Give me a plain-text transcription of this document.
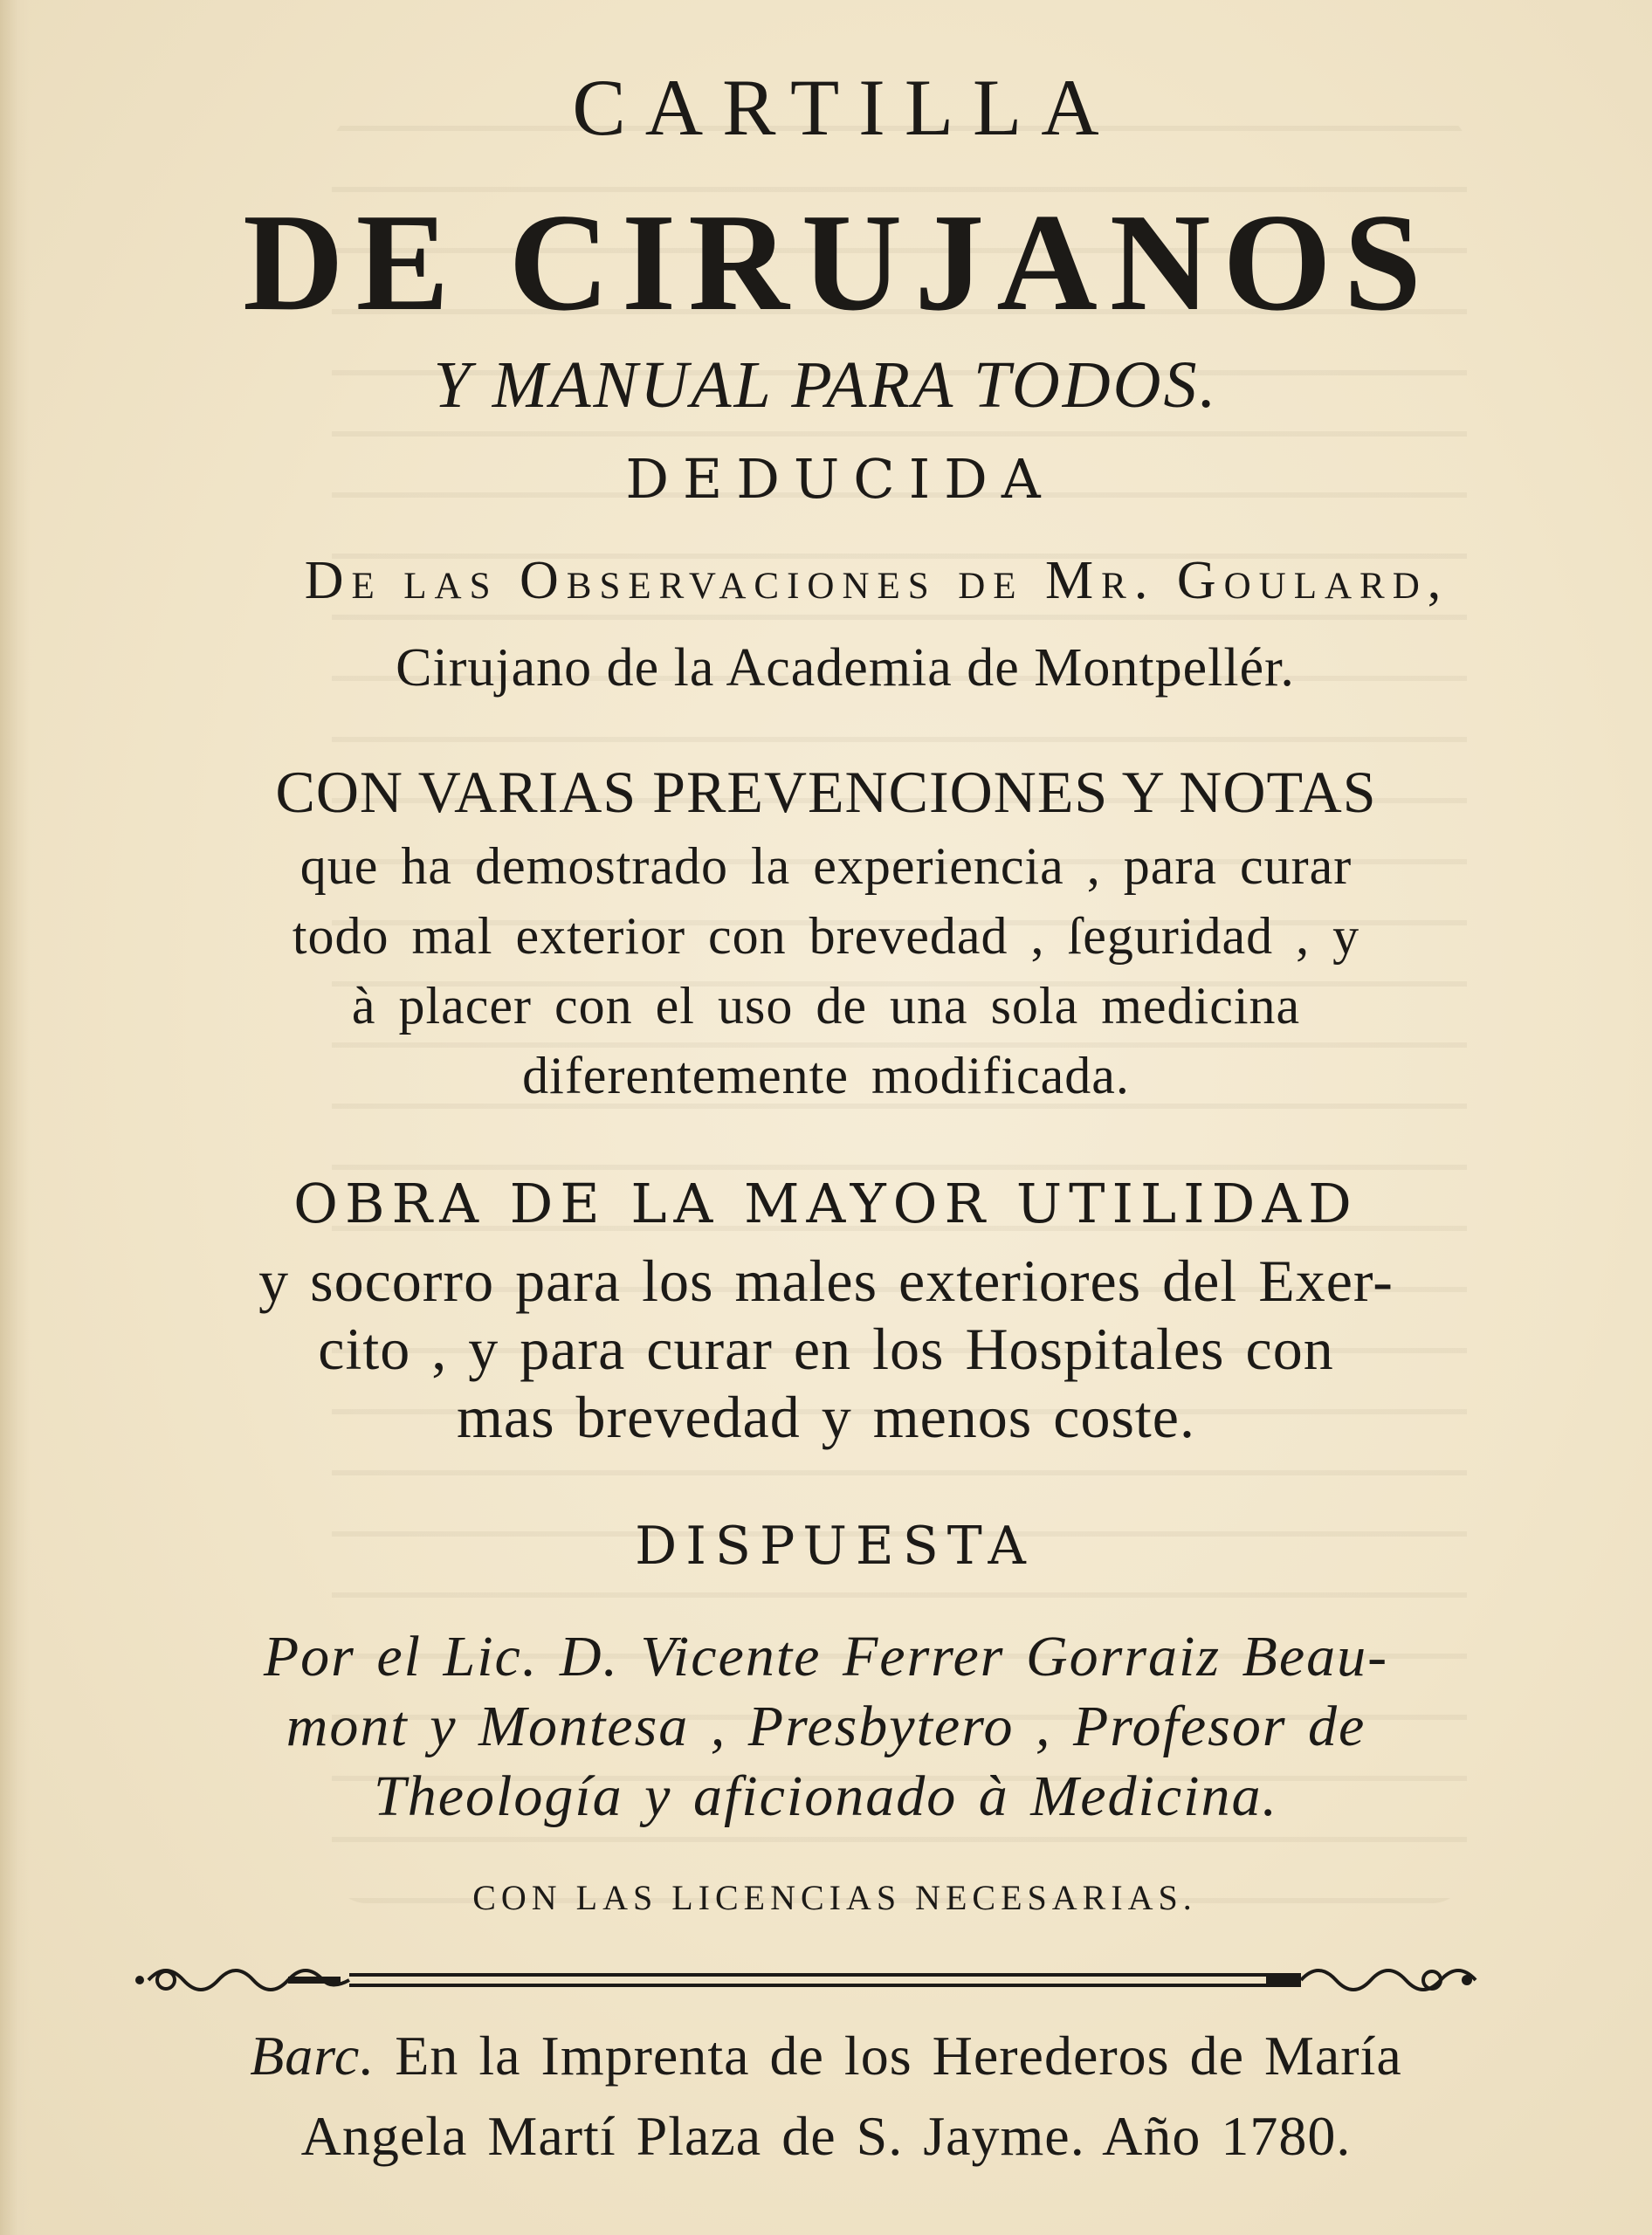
CARTILLA

DE CIRUJANOS

Y MANUAL PARA TODOS.

DEDUCIDA

De las Observaciones de Mr. Goulard,

Cirujano de la Academia de Montpellér.

CON VARIAS PREVENCIONES Y NOTAS

que ha demostrado la experiencia , para curar

todo mal exterior con brevedad , ſeguridad , y

à placer con el uso de una sola medicina

diferentemente modificada.

OBRA DE LA MAYOR UTILIDAD

y socorro para los males exteriores del Exer-

cito , y para curar en los Hospitales con

mas brevedad y menos coste.

DISPUESTA

Por el Lic. D. Vicente Ferrer Gorraiz Beau-

mont y Montesa , Presbytero , Profesor de

Theología y aficionado à Medicina.

CON LAS LICENCIAS NECESARIAS.

Barc. En la Imprenta de los Herederos de María

Angela Martí Plaza de S. Jayme. Año 1780.
